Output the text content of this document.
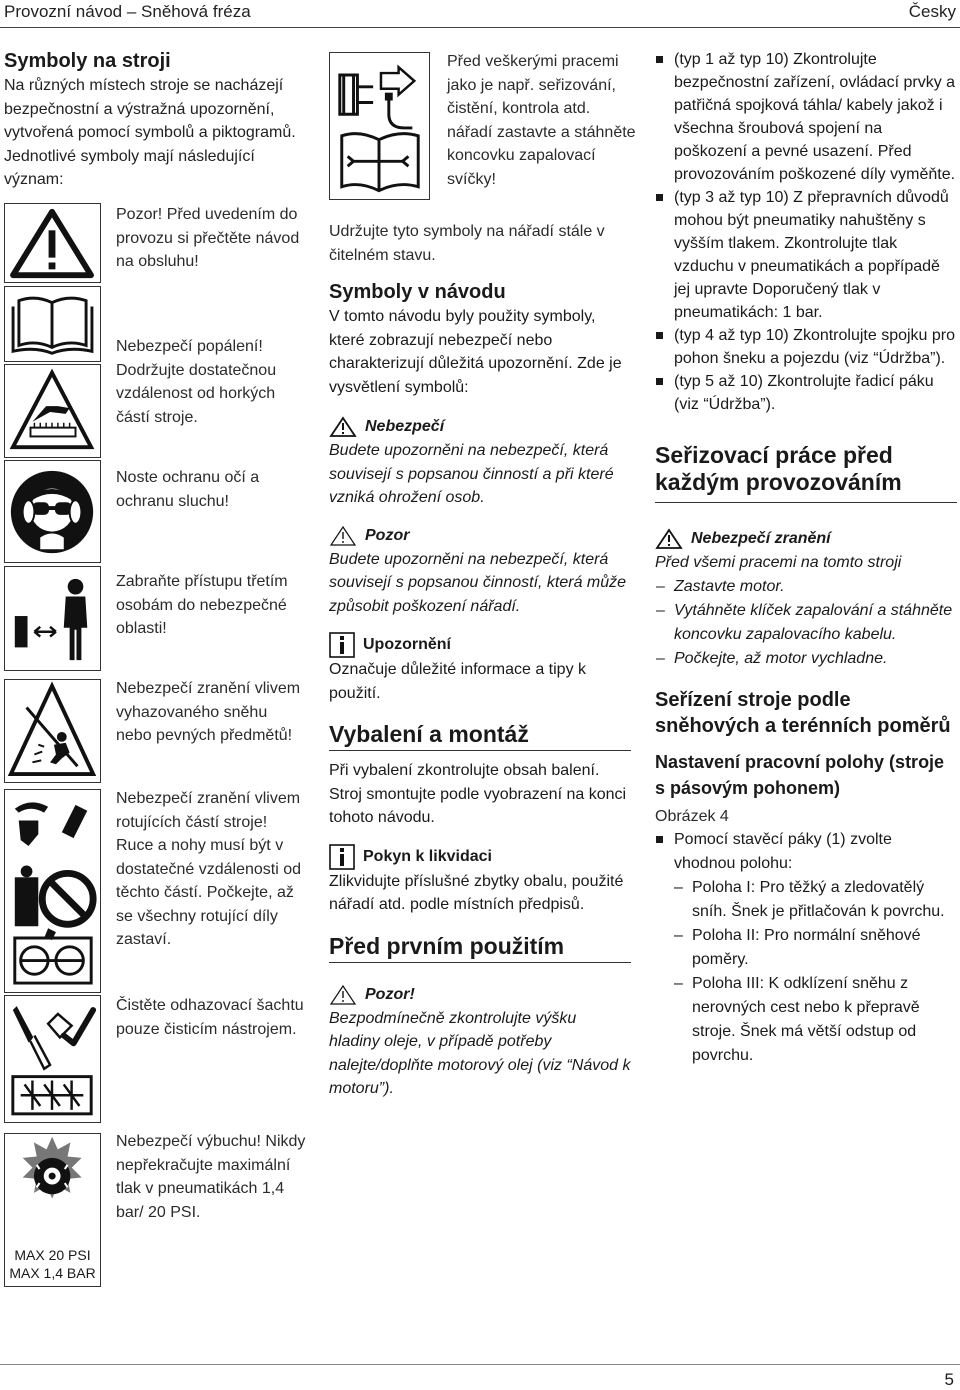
Provozní návod – Sněhová fréza	Česky
Symboly na stroji

Na různých místech stroje se nacházejí bezpečnostní a výstražná upozornění, vytvořená pomocí symbolů a piktogramů. Jednotlivé symboly mají následující význam:

MAX 20 PSI
MAX 1,4 BAR
Pozor! Před uvedením do provozu si přečtěte návod na obsluhu!
Nebezpečí popálení! Dodržujte dostatečnou vzdálenost od horkých částí stroje.
Noste ochranu očí a ochranu sluchu!
Zabraňte přístupu třetím osobám do nebezpečné oblasti!
Nebezpečí zranění vlivem vyhazovaného sněhu nebo pevných předmětů!
Nebezpečí zranění vlivem rotujících částí stroje! Ruce a nohy musí být v dostatečné vzdálenosti od těchto částí. Počkejte, až se všechny rotující díly zastaví.
Čistěte odhazovací šachtu pouze čisticím nástrojem.
Nebezpečí výbuchu! Nikdy nepřekračujte maximální tlak v pneumatikách 1,4 bar/ 20 PSI.
Před veškerými pracemi jako je např. seřizování, čistění, kontrola atd. nářadí zastavte a stáhněte koncovku zapalovací svíčky!

Udržujte tyto symboly na nářadí stále v čitelném stavu.

Symboly v návodu

V tomto návodu byly použity symboly, které zobrazují nebezpečí nebo charakterizují důležitá upozornění. Zde je vysvětlení symbolů:

Nebezpečí

Budete upozorněni na nebezpečí, která souvisejí s popsanou činností a při které vzniká ohrožení osob.

Pozor

Budete upozorněni na nebezpečí, která souvisejí s popsanou činností, která může způsobit poškození nářadí.

Upozornění

Označuje důležité informace a tipy k použití.

Vybalení a montáž

Při vybalení zkontrolujte obsah balení. Stroj smontujte podle vyobrazení na konci tohoto návodu.

Pokyn k likvidaci

Zlikvidujte příslušné zbytky obalu, použité nářadí atd. podle místních předpisů.

Před prvním použitím
Pozor!

Bezpodmínečně zkontrolujte výšku hladiny oleje, v případě potřeby nalejte/doplňte motorový olej (viz “Návod k motoru”).

(typ 1 až typ 10) Zkontrolujte bezpečnostní zařízení, ovládací prvky a patřičná spojková táhla/ kabely jakož i všechna šroubová spojení na poškození a pevné usazení. Před provozováním poškozené díly vyměňte.
(typ 3 až typ 10) Z přepravních důvodů mohou být pneumatiky nahuštěny s vyšším tlakem. Zkontrolujte tlak vzduchu v pneumatikách a popřípadě jej upravte Doporučený tlak v pneumatikách: 1 bar.
(typ 4 až typ 10) Zkontrolujte spojku pro pohon šneku a pojezdu (viz “Údržba”).
(typ 5 až 10) Zkontrolujte řadicí páku (viz “Údržba”).
Seřizovací práce před každým provozováním
Nebezpečí zranění

Před všemi pracemi na tomto stroji

– Zastavte motor.
– Vytáhněte klíček zapalování a stáhněte koncovku zapalovacího kabelu.
– Počkejte, až motor vychladne.
Seřízení stroje podle sněhových a terénních poměrů
Nastavení pracovní polohy (stroje s pásovým pohonem)

Obrázek 4

Pomocí stavěcí páky (1) zvolte vhodnou polohu:
– Poloha I: Pro těžký a zledovatělý sníh. Šnek je přitlačován k povrchu.
– Poloha II: Pro normální sněhové poměry.
– Poloha III: K odklízení sněhu z nerovných cest nebo k přepravě stroje. Šnek má větší odstup od povrchu.
5
